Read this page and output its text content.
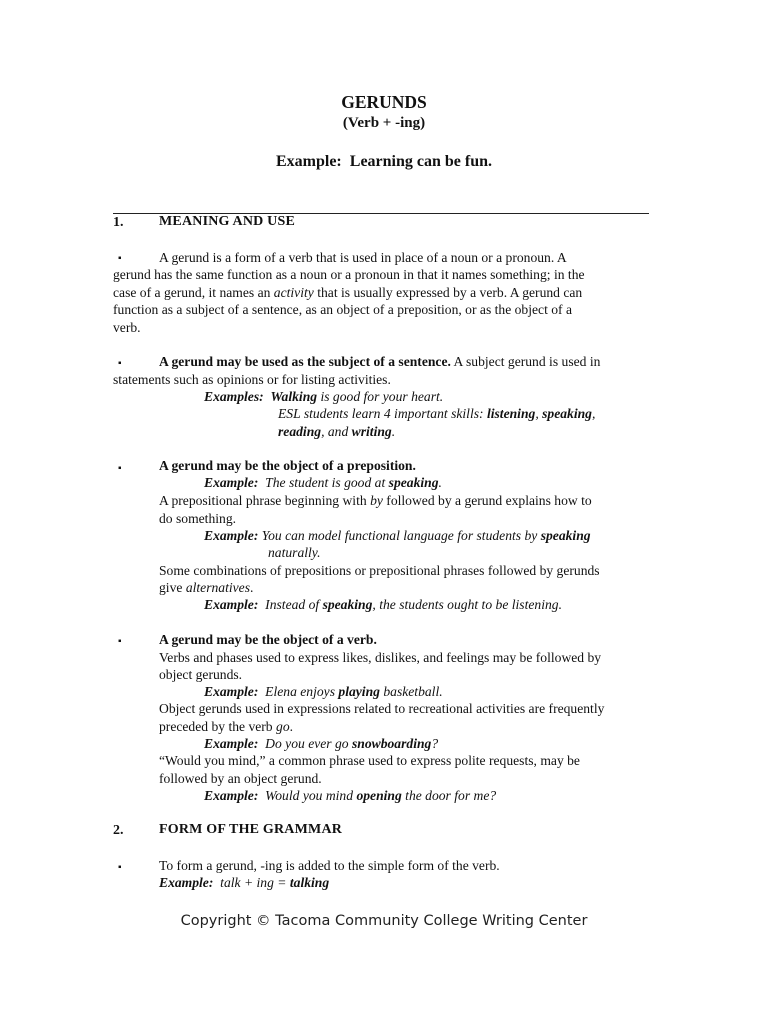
GERUNDS
(Verb + -ing)
Example: Learning can be fun.
1.	MEANING AND USE
▪	A gerund is a form of a verb that is used in place of a noun or a pronoun. A
gerund has the same function as a noun or a pronoun in that it names something; in the
case of a gerund, it names an activity that is usually expressed by a verb. A gerund can
function as a subject of a sentence, as an object of a preposition, or as the object of a
verb.
▪	A gerund may be used as the subject of a sentence. A subject gerund is used in
statements such as opinions or for listing activities.
Examples: Walking is good for your heart.
ESL students learn 4 important skills: listening, speaking,
reading, and writing.
▪	A gerund may be the object of a preposition.
Example: The student is good at speaking.
A prepositional phrase beginning with by followed by a gerund explains how to
do something.
Example: You can model functional language for students by speaking
naturally.
Some combinations of prepositions or prepositional phrases followed by gerunds
give alternatives.
Example: Instead of speaking, the students ought to be listening.
▪	A gerund may be the object of a verb.
Verbs and phases used to express likes, dislikes, and feelings may be followed by
object gerunds.
Example: Elena enjoys playing basketball.
Object gerunds used in expressions related to recreational activities are frequently
preceded by the verb go.
Example: Do you ever go snowboarding?
“Would you mind,” a common phrase used to express polite requests, may be
followed by an object gerund.
Example: Would you mind opening the door for me?
2.	FORM OF THE GRAMMAR
▪	To form a gerund, -ing is added to the simple form of the verb.
Example: talk + ing = talking
Copyright © Tacoma Community College Writing Center
